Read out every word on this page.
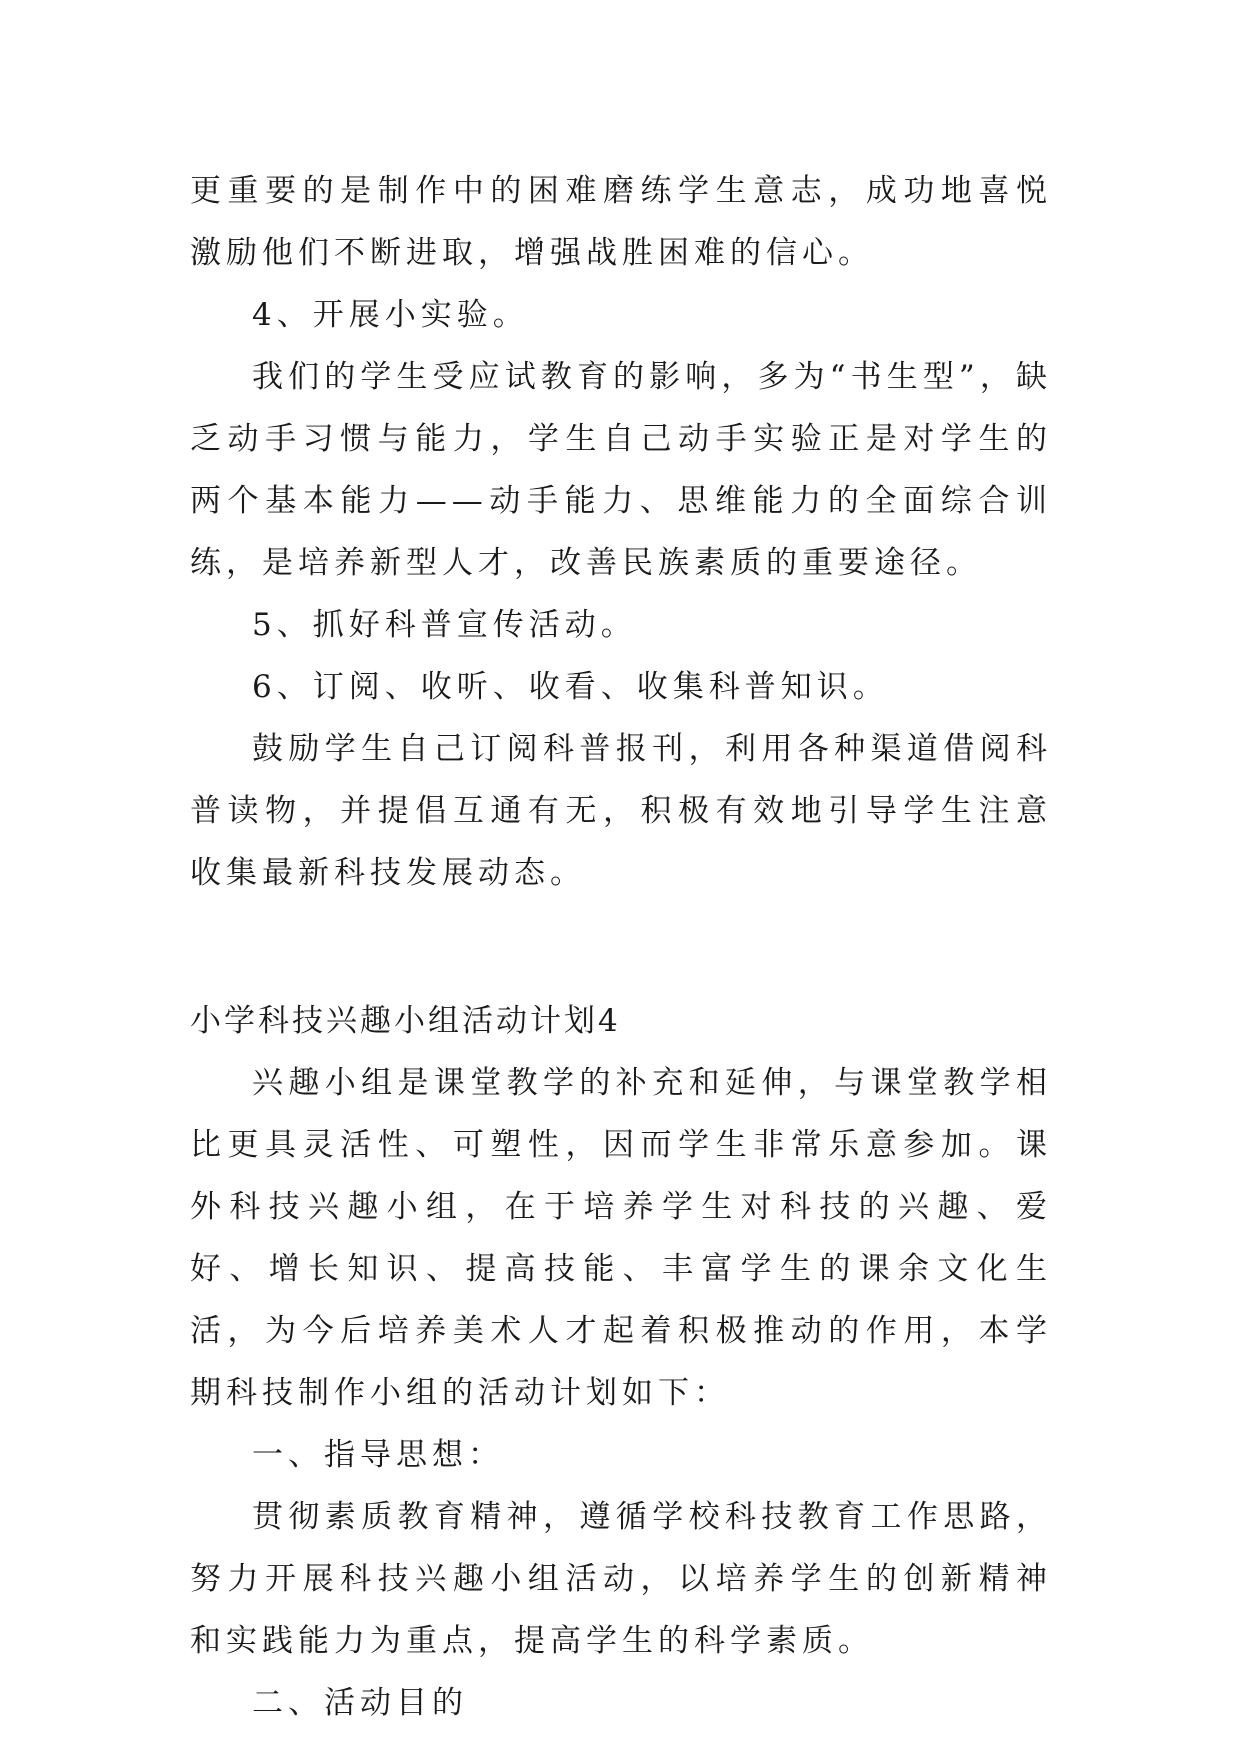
更重要的是制作中的困难磨练学生意志，成功地喜悦激励他们不断进取，增强战胜困难的信心。

4、开展小实验。

我们的学生受应试教育的影响，多为“书生型”，缺乏动手习惯与能力，学生自己动手实验正是对学生的两个基本能力——动手能力、思维能力的全面综合训练，是培养新型人才，改善民族素质的重要途径。

5、抓好科普宣传活动。

6、订阅、收听、收看、收集科普知识。

鼓励学生自己订阅科普报刊，利用各种渠道借阅科普读物，并提倡互通有无，积极有效地引导学生注意收集最新科技发展动态。

小学科技兴趣小组活动计划4

兴趣小组是课堂教学的补充和延伸，与课堂教学相比更具灵活性、可塑性，因而学生非常乐意参加。课外科技兴趣小组，在于培养学生对科技的兴趣、爱好、增长知识、提高技能、丰富学生的课余文化生活，为今后培养美术人才起着积极推动的作用，本学期科技制作小组的活动计划如下：

一、指导思想：

贯彻素质教育精神，遵循学校科技教育工作思路，努力开展科技兴趣小组活动，以培养学生的创新精神和实践能力为重点，提高学生的科学素质。

二、活动目的
